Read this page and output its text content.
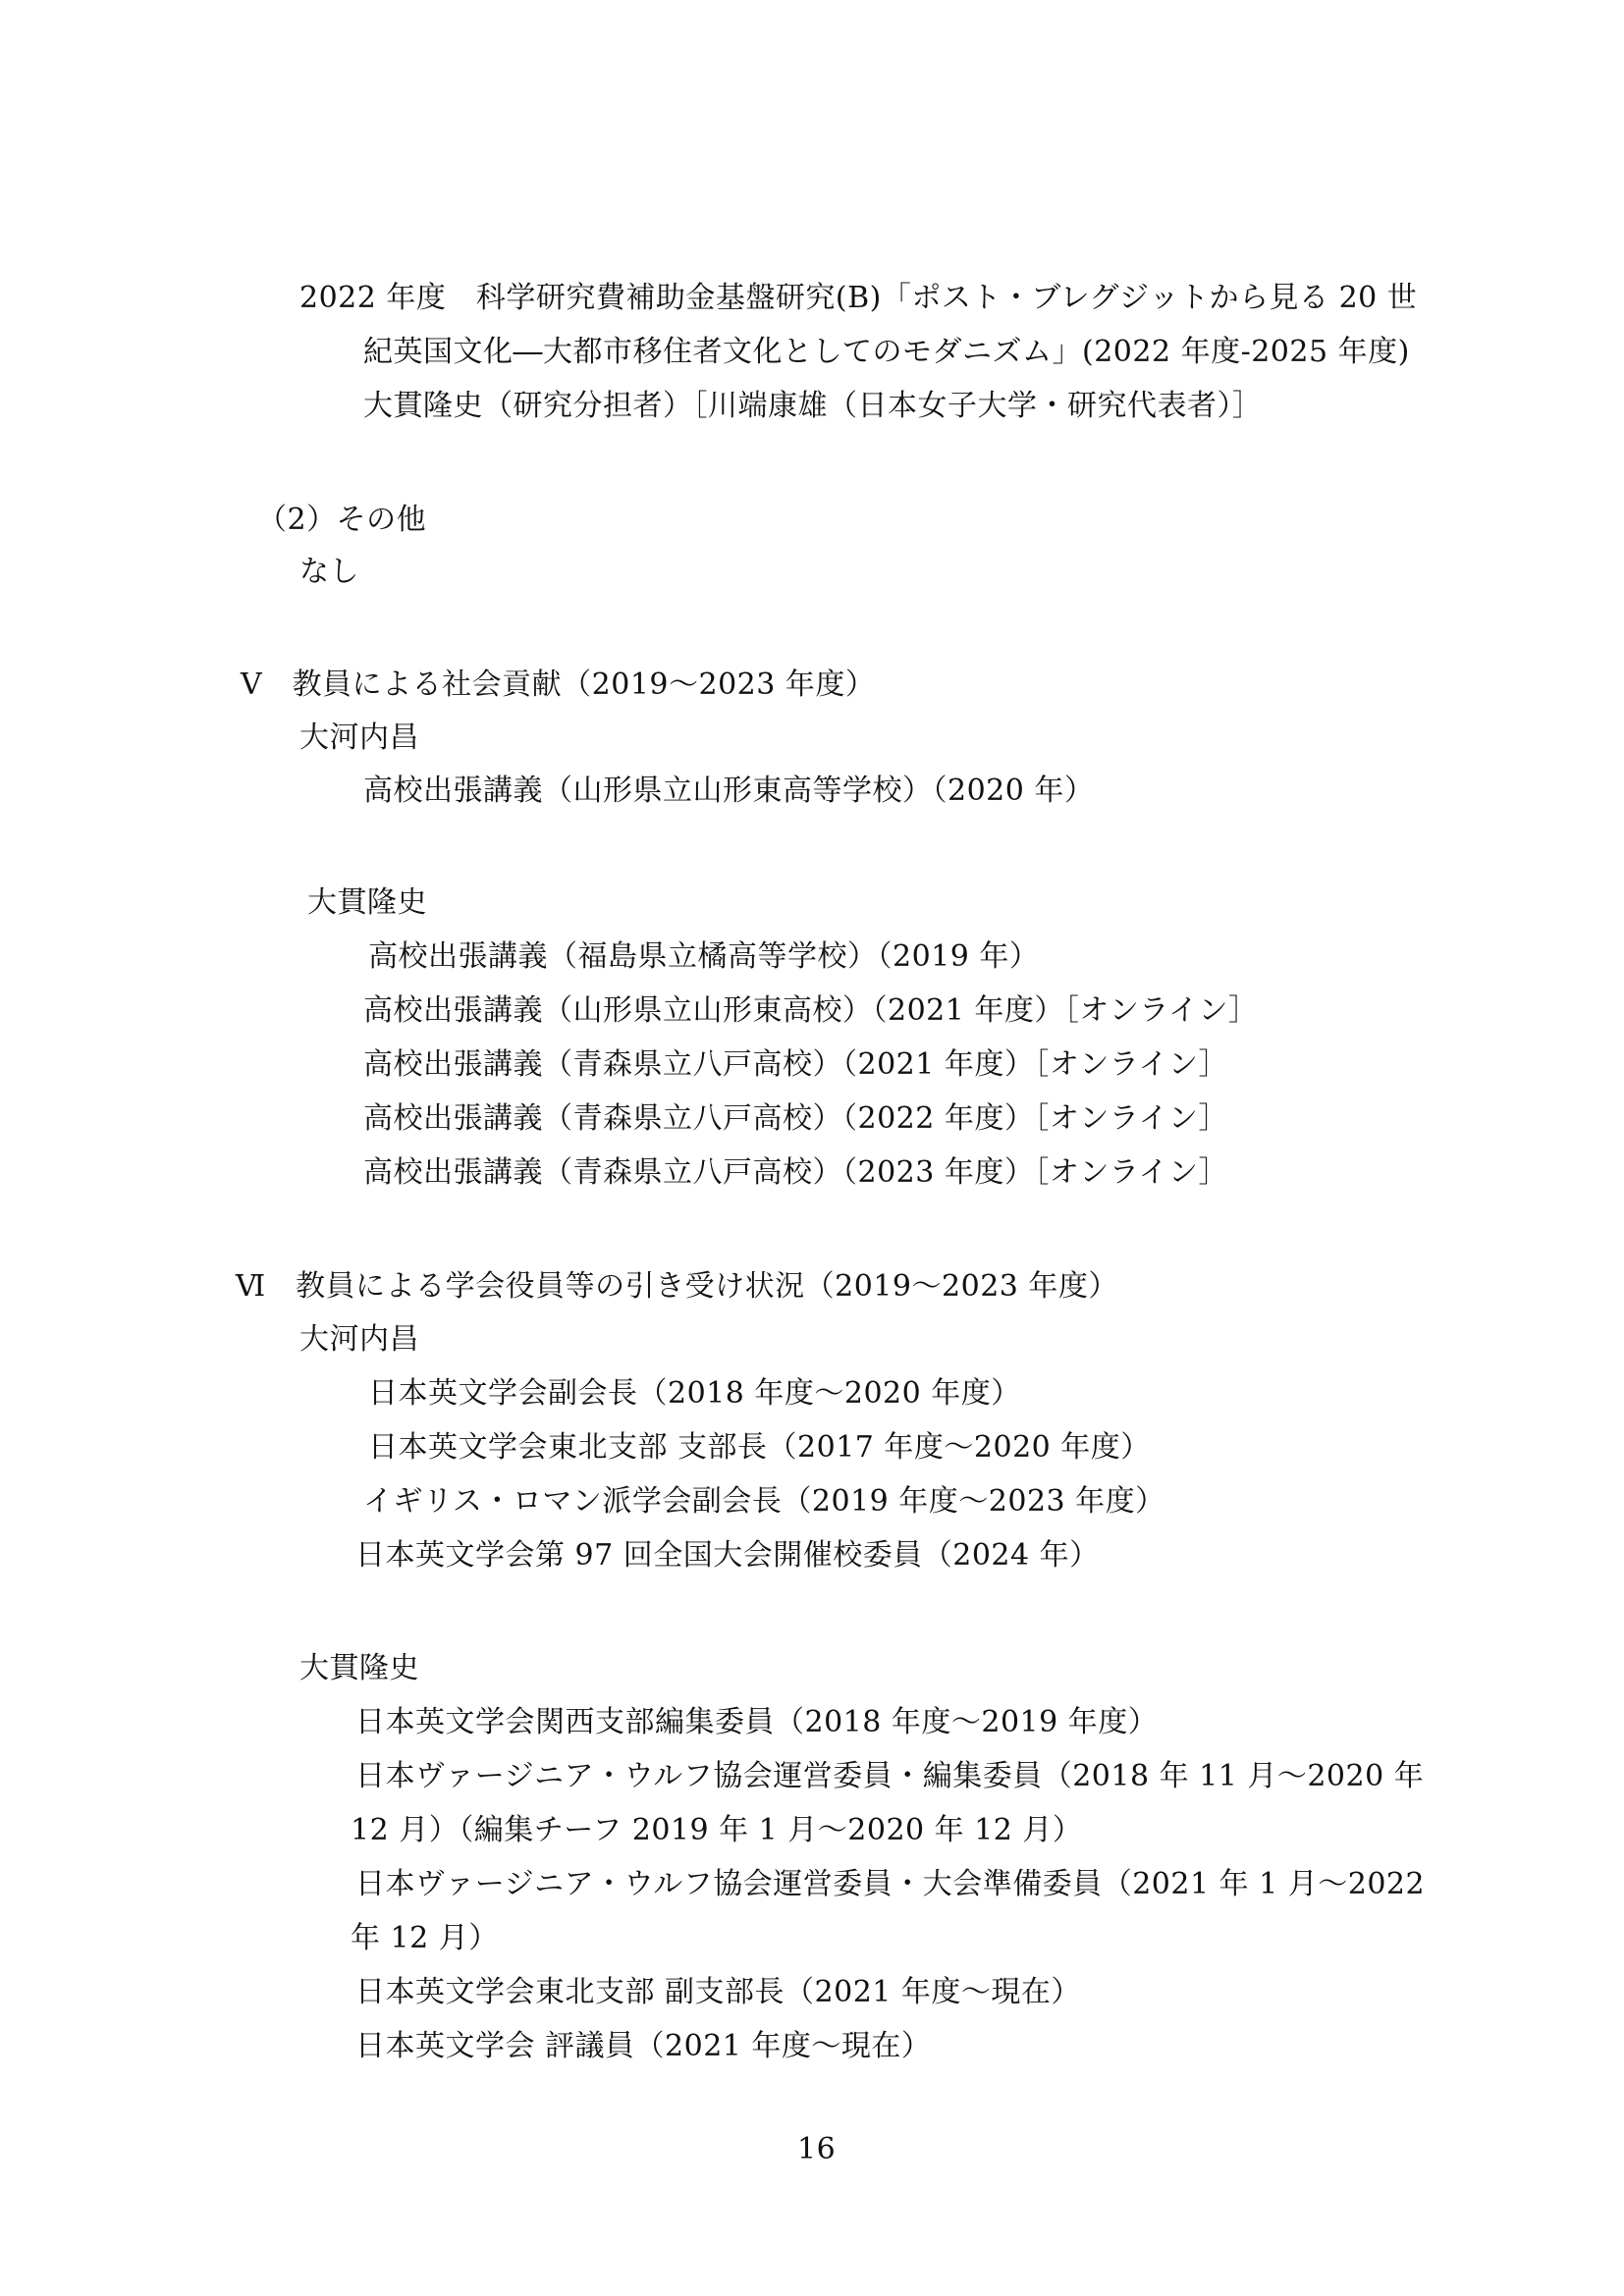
2022 年度　科学研究費補助金基盤研究(B)「ポスト・ブレグジットから見る 20 世
紀英国文化―大都市移住者文化としてのモダニズム」(2022 年度-2025 年度)
大貫隆史（研究分担者）［川端康雄（日本女子大学・研究代表者）］
（2）その他
なし
Ⅴ　教員による社会貢献（2019～2023 年度）
大河内昌
高校出張講義（山形県立山形東高等学校）（2020 年）
大貫隆史
高校出張講義（福島県立橘高等学校）（2019 年）
高校出張講義（山形県立山形東高校）（2021 年度）［オンライン］
高校出張講義（青森県立八戸高校）（2021 年度）［オンライン］
高校出張講義（青森県立八戸高校）（2022 年度）［オンライン］
高校出張講義（青森県立八戸高校）（2023 年度）［オンライン］
Ⅵ　教員による学会役員等の引き受け状況（2019～2023 年度）
大河内昌
日本英文学会副会長（2018 年度～2020 年度）
日本英文学会東北支部 支部長（2017 年度～2020 年度）
イギリス・ロマン派学会副会長（2019 年度～2023 年度）
日本英文学会第 97 回全国大会開催校委員（2024 年）
大貫隆史
日本英文学会関西支部編集委員（2018 年度～2019 年度）
日本ヴァージニア・ウルフ協会運営委員・編集委員（2018 年 11 月～2020 年
12 月）（編集チーフ 2019 年 1 月～2020 年 12 月）
日本ヴァージニア・ウルフ協会運営委員・大会準備委員（2021 年 1 月～2022
年 12 月）
日本英文学会東北支部 副支部長（2021 年度～現在）
日本英文学会 評議員（2021 年度～現在）
16
